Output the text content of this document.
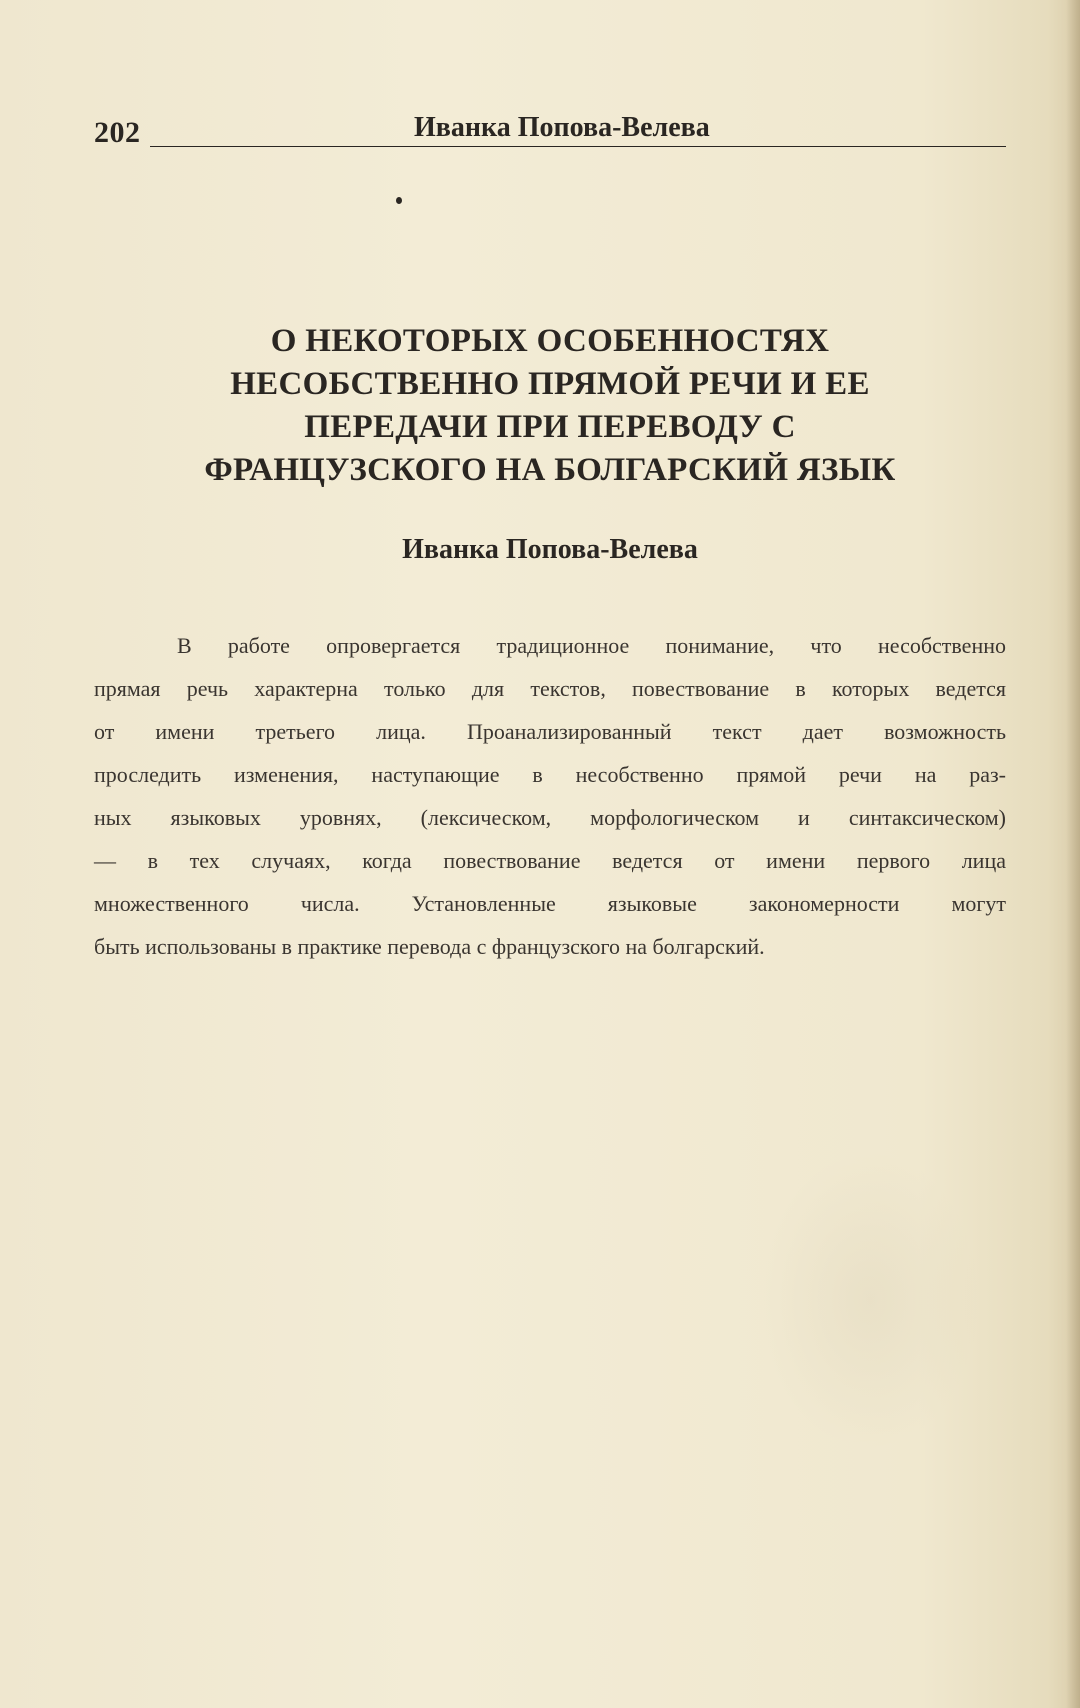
202	Иванка Попова-Велева
О НЕКОТОРЫХ ОСОБЕННОСТЯХ
НЕСОБСТВЕННО ПРЯМОЙ РЕЧИ И ЕЕ
ПЕРЕДАЧИ ПРИ ПЕРЕВОДУ С
ФРАНЦУЗСКОГО НА БОЛГАРСКИЙ ЯЗЫК
Иванка Попова-Велева
В работе опровергается традиционное понимание, что несобственно
прямая речь характерна только для текстов, повествование в которых ведется
от имени третьего лица. Проанализированный текст дает возможность
проследить изменения, наступающие в несобственно прямой речи на раз-
ных языковых уровнях, (лексическом, морфологическом и синтаксическом)
— в тех случаях, когда повествование ведется от имени первого лица
множественного числа. Установленные языковые закономерности могут
быть использованы в практике перевода с французского на болгарский.
